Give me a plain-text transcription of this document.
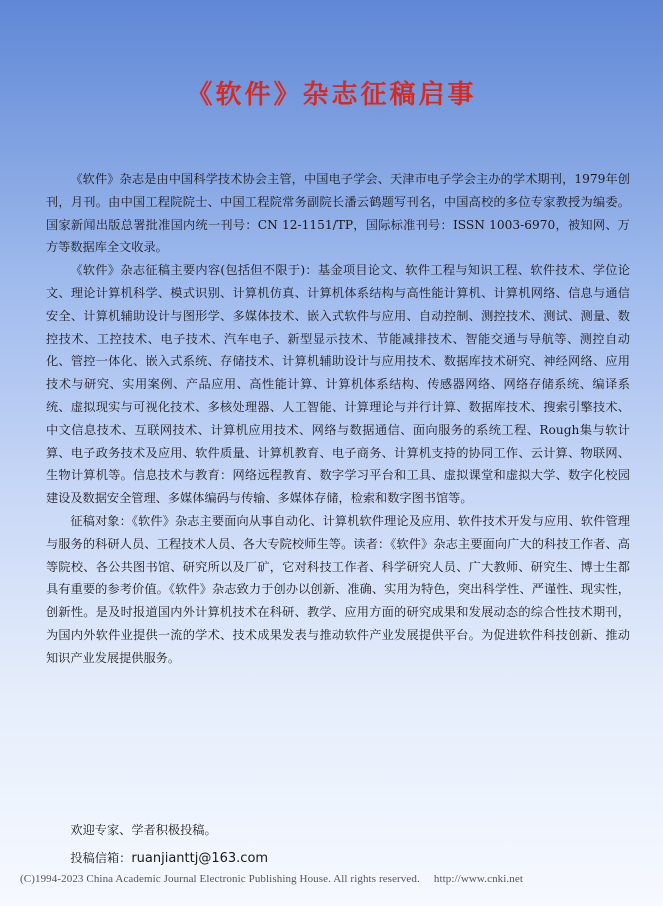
《软件》杂志征稿启事

《软件》杂志是由中国科学技术协会主管，中国电子学会、天津市电子学会主办的学术期刊，1979年创刊，月刊。由中国工程院院士、中国工程院常务副院长潘云鹤题写刊名，中国高校的多位专家教授为编委。国家新闻出版总署批准国内统一刊号：CN 12-1151/TP，国际标准刊号：ISSN 1003-6970，被知网、万方等数据库全文收录。

《软件》杂志征稿主要内容(包括但不限于)：基金项目论文、软件工程与知识工程、软件技术、学位论文、理论计算机科学、模式识别、计算机仿真、计算机体系结构与高性能计算机、计算机网络、信息与通信安全、计算机辅助设计与图形学、多媒体技术、嵌入式软件与应用、自动控制、测控技术、测试、测量、数控技术、工控技术、电子技术、汽车电子、新型显示技术、节能减排技术、智能交通与导航等、测控自动化、管控一体化、嵌入式系统、存储技术、计算机辅助设计与应用技术、数据库技术研究、神经网络、应用技术与研究、实用案例、产品应用、高性能计算、计算机体系结构、传感器网络、网络存储系统、编译系统、虚拟现实与可视化技术、多核处理器、人工智能、计算理论与并行计算、数据库技术、搜索引擎技术、中文信息技术、互联网技术、计算机应用技术、网络与数据通信、面向服务的系统工程、Rough集与软计算、电子政务技术及应用、软件质量、计算机教育、电子商务、计算机支持的协同工作、云计算、物联网、生物计算机等。信息技术与教育：网络远程教育、数字学习平台和工具、虚拟课堂和虚拟大学、数字化校园建设及数据安全管理、多媒体编码与传输、多媒体存储，检索和数字图书馆等。

征稿对象：《软件》杂志主要面向从事自动化、计算机软件理论及应用、软件技术开发与应用、软件管理与服务的科研人员、工程技术人员、各大专院校师生等。读者：《软件》杂志主要面向广大的科技工作者、高等院校、各公共图书馆、研究所以及厂矿，它对科技工作者、科学研究人员、广大教师、研究生、博士生都具有重要的参考价值。《软件》杂志致力于创办以创新、准确、实用为特色，突出科学性、严谨性、现实性，创新性。是及时报道国内外计算机技术在科研、教学、应用方面的研究成果和发展动态的综合性技术期刊，为国内外软件业提供一流的学术、技术成果发表与推动软件产业发展提供平台。为促进软件科技创新、推动知识产业发展提供服务。

欢迎专家、学者积极投稿。

投稿信箱：ruanjianttj@163.com

(C)1994-2023 China Academic Journal Electronic Publishing House. All rights reserved. http://www.cnki.net
